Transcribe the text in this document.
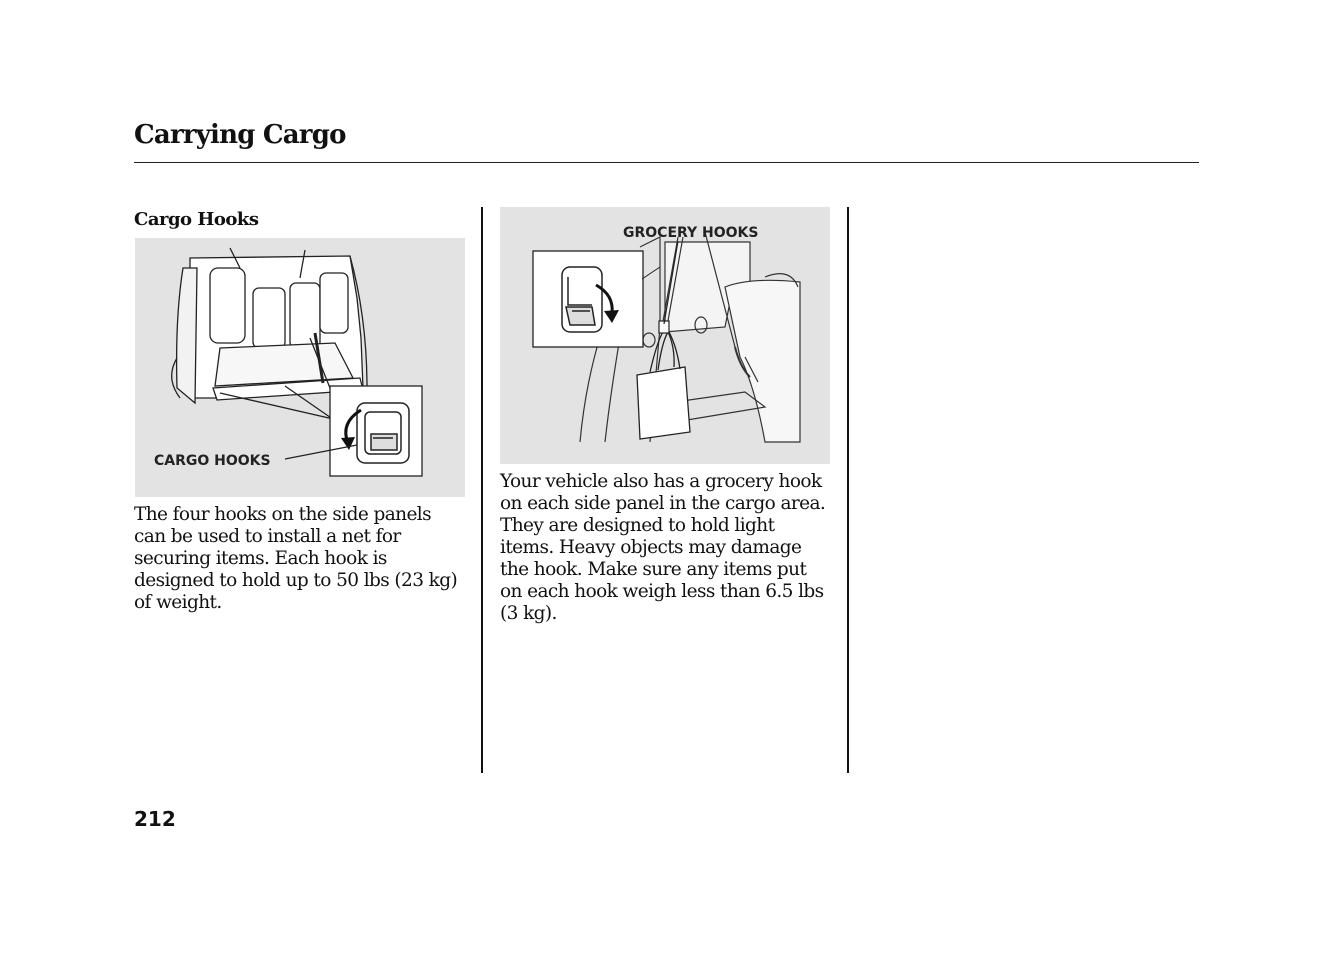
Carrying Cargo
Cargo Hooks
CARGO HOOKS
The four hooks on the side panels
can be used to install a net for
securing items. Each hook is
designed to hold up to 50 lbs (23 kg)
of weight.
GROCERY HOOKS
Your vehicle also has a grocery hook
on each side panel in the cargo area.
They are designed to hold light
items. Heavy objects may damage
the hook. Make sure any items put
on each hook weigh less than 6.5 lbs
(3 kg).

212
